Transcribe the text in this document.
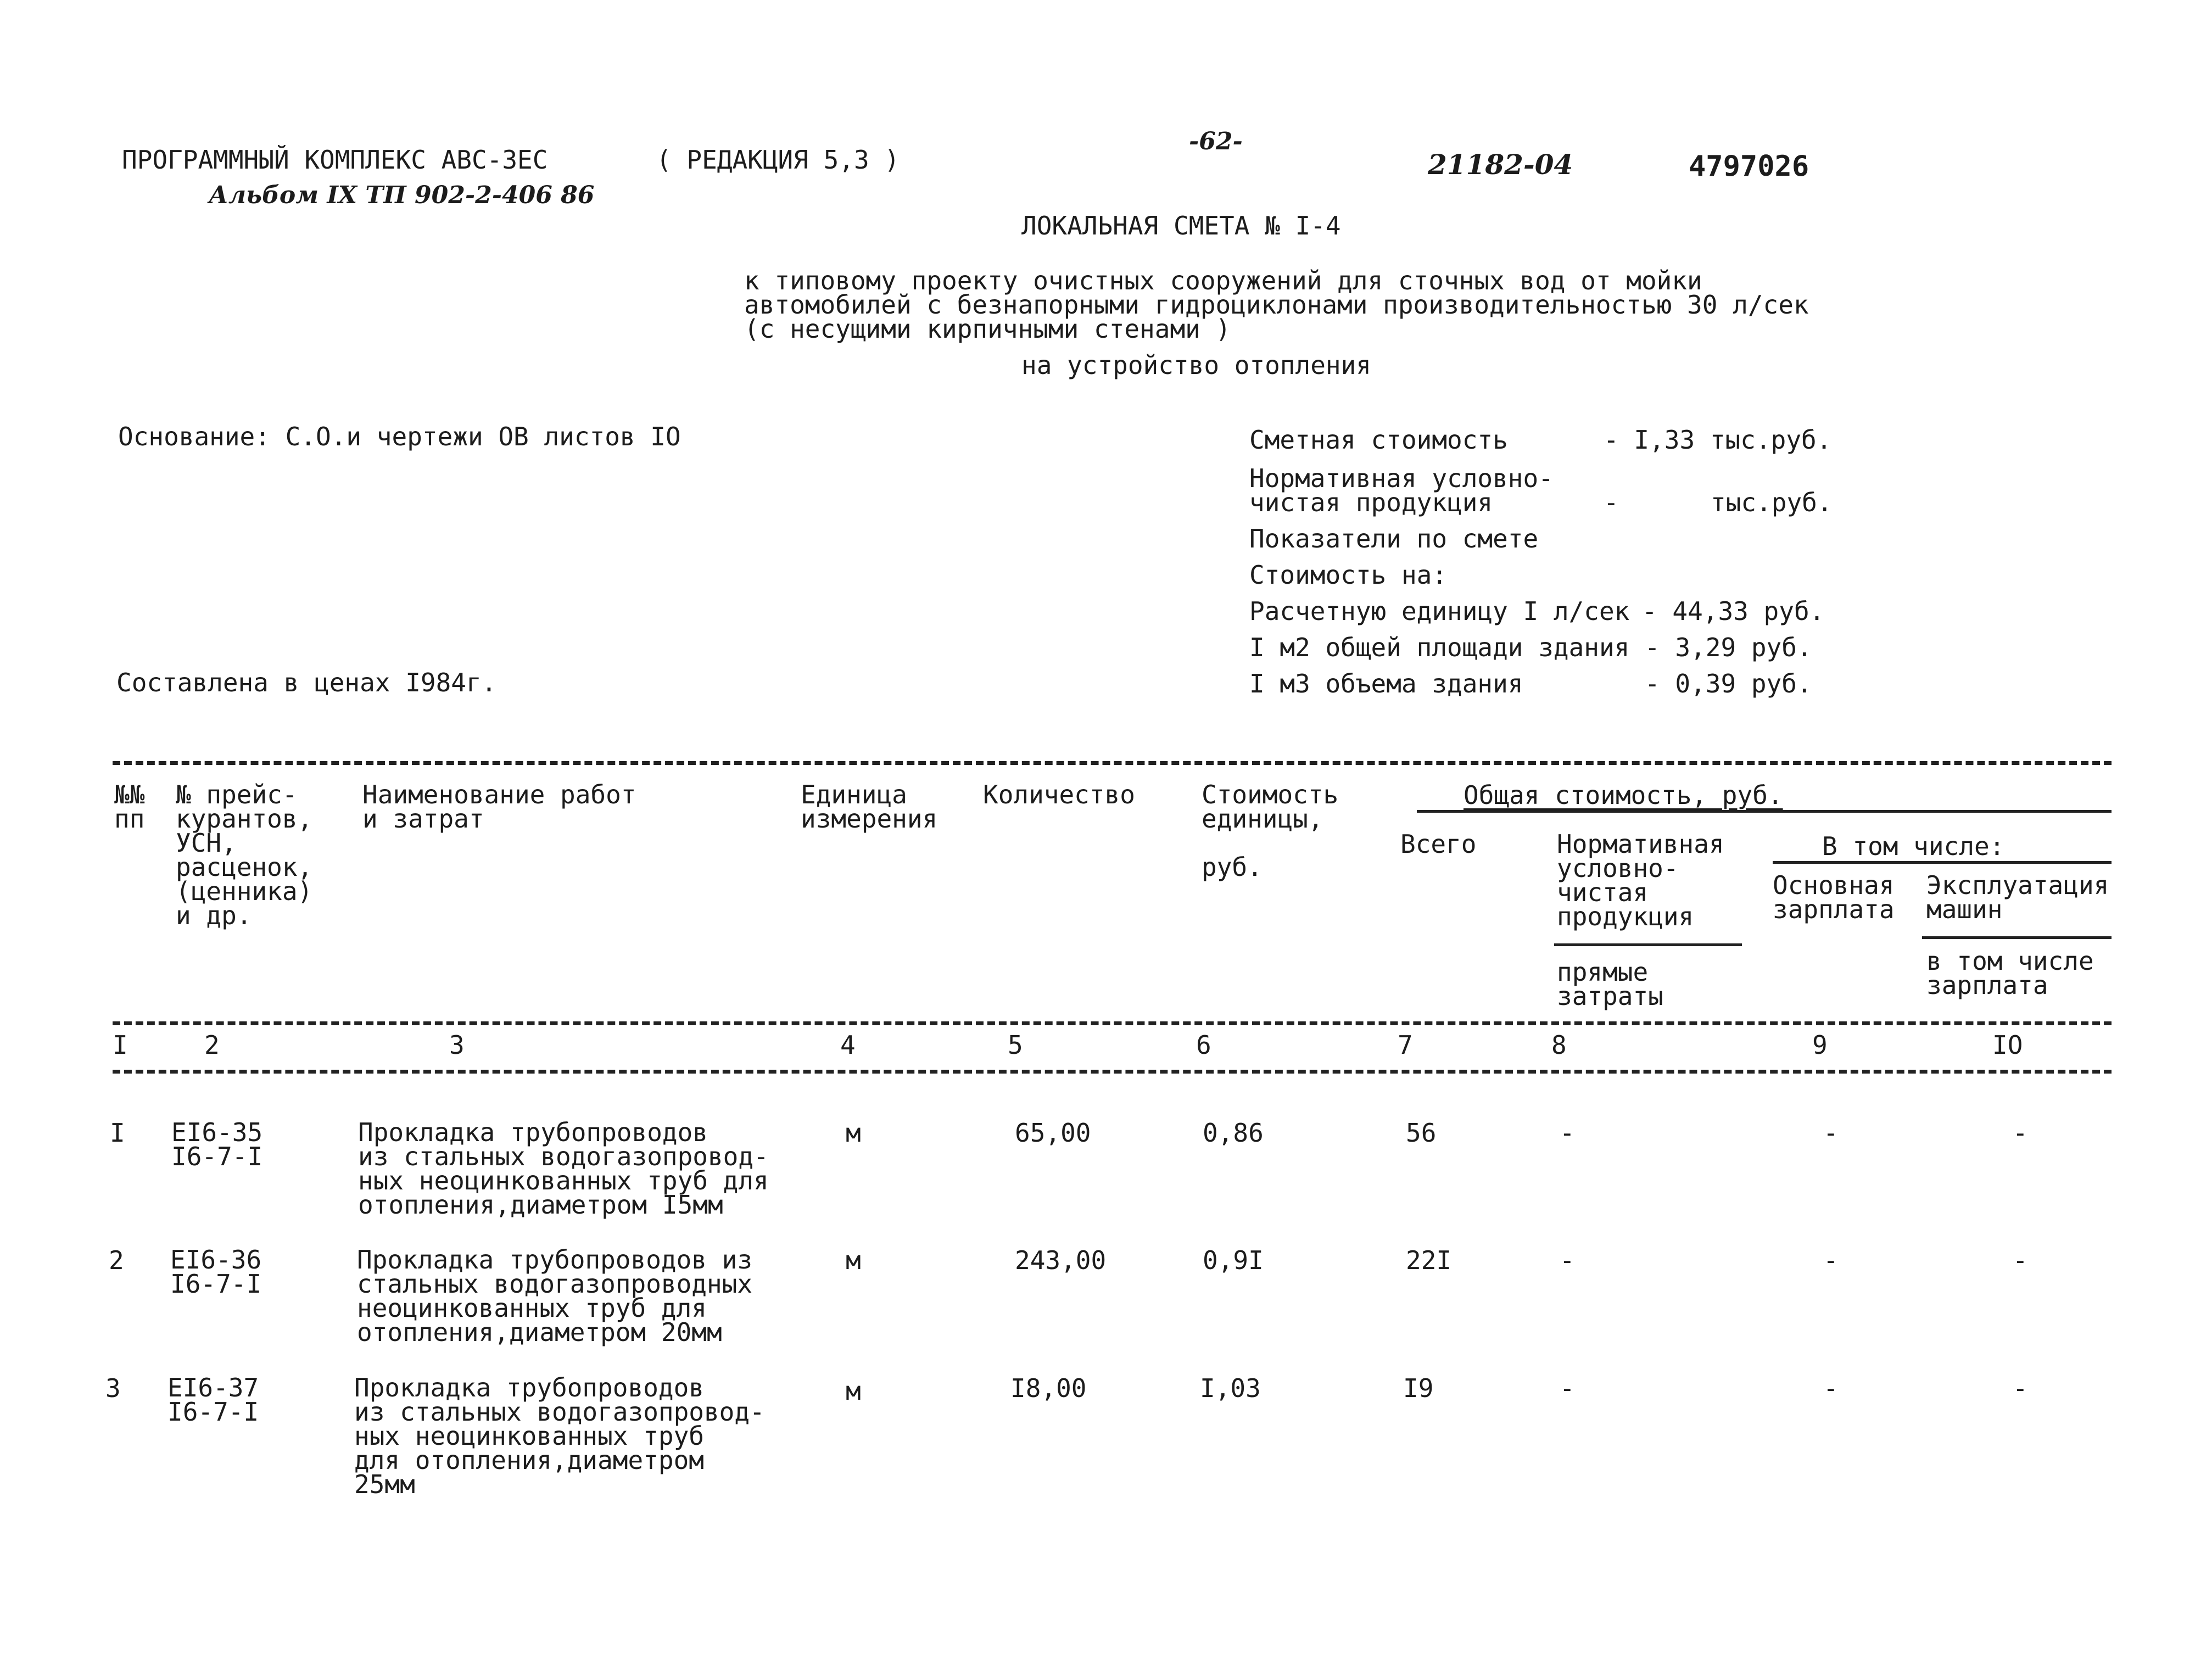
ПРОГРАММНЫЙ КОМПЛЕКС АВС-ЗЕС
Альбом IX ТП 902-2-406 86
( РЕДАКЦИЯ 5,3 )
-62-
21182-04	4797026
ЛОКАЛЬНАЯ СМЕТА № I-4
к типовому проекту очистных сооружений для сточных вод от мойки
автомобилей с безнапорными гидроциклонами производительностью 30 л/сек
(с несущими кирпичными стенами )
на устройство отопления
Основание: С.О.и чертежи ОВ листов IO
Составлена в ценах I984г.
Сметная стоимость	- I,33 тыс.руб.
Нормативная условно-
чистая продукция	-	тыс.руб.
Показатели по смете
Стоимость на:
Расчетную единицу I л/сек - 44,33 руб.
I м2 общей площади здания - 3,29 руб.
I м3 объема здания	- 0,39 руб.
№№
пп
№ прейс-
курантов,
УСН,
расценок,
(ценника)
и др.
Наименование работ
и затрат
Единица
измерения
Количество	Стоимость
единицы,

руб.
Общая стоимость, руб.
Всего	Нормативная
условно-
чистая
продукция
прямые
затраты
В том числе:
Основная
зарплата
Эксплуатация
машин
в том числе
зарплата
I	2	3	4	5	6	7	8	9	IO
I EI6-35
I6-7-I
Прокладка трубопроводов
из стальных водогазопровод-
ных неоцинкованных труб для
отопления,диаметром I5мм
м	65,00	0,86	56	-	-	-
2 EI6-36
I6-7-I
Прокладка трубопроводов из
стальных водогазопроводных
неоцинкованных труб для
отопления,диаметром 20мм
м	243,00	0,9I	22I	-	-	-
3 EI6-37
I6-7-I
Прокладка трубопроводов
из стальных водогазопровод-
ных неоцинкованных труб
для отопления,диаметром
25мм
м	I8,00	I,03	I9	-	-	-
